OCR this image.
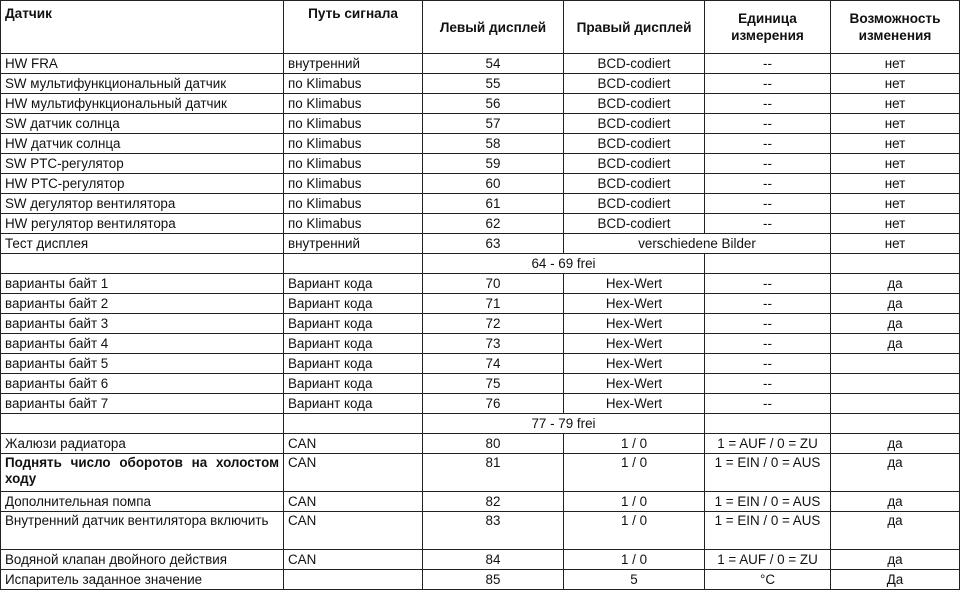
Датчик	Путь сигнала	Левый дисплей	Правый дисплей	Единица измерения	Возможность изменения
HW FRA	внутренний	54	BCD-codiert	--	нет
SW мультифункциональный датчик	по Klimabus	55	BCD-codiert	--	нет
HW мультифункциональный датчик	по Klimabus	56	BCD-codiert	--	нет
SW датчик солнца	по Klimabus	57	BCD-codiert	--	нет
HW датчик солнца	по Klimabus	58	BCD-codiert	--	нет
SW PTC-регулятор	по Klimabus	59	BCD-codiert	--	нет
HW PTC-регулятор	по Klimabus	60	BCD-codiert	--	нет
SW дегулятор вентилятора	по Klimabus	61	BCD-codiert	--	нет
HW регулятор вентилятора	по Klimabus	62	BCD-codiert	--	нет
Тест дисплея	внутренний	63	verschiedene Bilder		нет
		64 - 69 frei			
варианты байт 1	Вариант кода	70	Hex-Wert	--	да
варианты байт 2	Вариант кода	71	Hex-Wert	--	да
варианты байт 3	Вариант кода	72	Hex-Wert	--	да
варианты байт 4	Вариант кода	73	Hex-Wert	--	да
варианты байт 5	Вариант кода	74	Hex-Wert	--	
варианты байт 6	Вариант кода	75	Hex-Wert	--	
варианты байт 7	Вариант кода	76	Hex-Wert	--	
		77 - 79 frei			
Жалюзи радиатора	CAN	80	1 / 0	1 = AUF / 0 = ZU	да
Поднять число оборотов на холостом ходу	CAN	81	1 / 0	1 = EIN / 0 = AUS	да
Дополнительная помпа	CAN	82	1 / 0	1 = EIN / 0 = AUS	да
Внутренний датчик вентилятора включить	CAN	83	1 / 0	1 = EIN / 0 = AUS	да
Водяной клапан двойного действия	CAN	84	1 / 0	1 = AUF / 0 = ZU	да
Испаритель заданное значение		85	5	°C	Да
